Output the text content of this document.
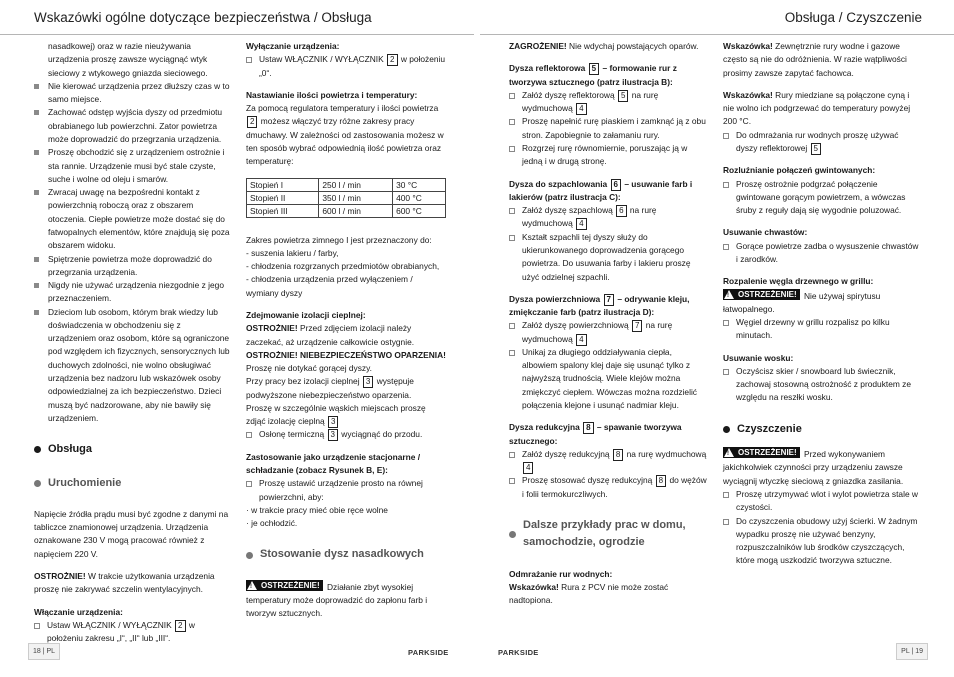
Wskazówki ogólne dotyczące bezpieczeństwa / Obsługa	Obsługa / Czyszczenie

nasadkowej) oraz w razie nieużywania urządzenia proszę zawsze wyciągnąć wtyk sieciowy z wtykowego gniazda sieciowego.

Nie kierować urządzenia przez dłuższy czas w to samo miejsce.

Zachować odstęp wyjścia dyszy od przedmiotu obrabianego lub powierzchni. Zator powietrza może doprowadzić do przegrzania urządzenia.

Proszę obchodzić się z urządzeniem ostrożnie i sta rannie. Urządzenie musi być stale czyste, suche i wolne od oleju i smarów.

Zwracaj uwagę na bezpośredni kontakt z powierzchnią roboczą oraz z obszarem otoczenia. Ciepłe powietrze może dostać się do fatwopalnych elementów, które znajdują się poza obszarem widoku.

Spiętrzenie powietrza może doprowadzić do przegrzania urządzenia.

Nigdy nie używać urządzenia niezgodnie z jego przeznaczeniem.

Dzieciom lub osobom, którym brak wiedzy lub doświadczenia w obchodzeniu się z urządzeniem oraz osobom, które są ograniczone pod względem ich fizycznych, sensorycznych lub duchowych zdolności, nie wolno obsługiwać urządzenia bez nadzoru lub wskazówek osoby odpowiedzialnej za ich bezpieczeństwo. Dzieci muszą być nadzorowane, aby nie bawiły się urządzeniem.

Obsługa
Uruchomienie

Napięcie źródła prądu musi być zgodne z danymi na tabliczce znamionowej urządzenia. Urządzenia oznakowane 230 V mogą pracować również z napięciem 220 V.

OSTROŻNIE! W trakcie użytkowania urządzenia proszę nie zakrywać szczelin wentylacyjnych.

Włączanie urządzenia:

Ustaw WŁĄCZNIK / WYŁĄCZNIK 2 w położeniu zakresu „I“, „II“ lub „III“.

Wyłączanie urządzenia:

Ustaw WŁĄCZNIK / WYŁĄCZNIK 2 w położeniu „0“.

Nastawianie ilości powietrza i temperatury:

Za pomocą regulatora temperatury i ilości powietrza 2 możesz włączyć trzy różne zakresy pracy dmuchawy. W zależności od zastosowania możesz w ten sposób wybrać odpowiednią ilość powietrza oraz temperaturę:

Stopień I	250 l / min	30 °C
Stopień II	350 l / min	400 °C
Stopień III	600 l / min	600 °C

Zakres powietrza zimnego I jest przeznaczony do:

- suszenia lakieru / farby,

- chłodzenia rozgrzanych przedmiotów obrabianych,

- chłodzenia urządzenia przed wyłączeniem /

wymiany dyszy

Zdejmowanie izolacji cieplnej:

OSTROŻNIE! Przed zdjęciem izolacji należy zaczekać, aż urządzenie całkowicie ostygnie.

OSTROŻNIE! NIEBEZPIECZEŃSTWO OPARZENIA! Proszę nie dotykać gorącej dyszy.

Przy pracy bez izolacji cieplnej 3 występuje podwyższone niebezpieczeństwo oparzenia.

Proszę w szczególnie wąskich miejscach proszę zdjąć izolację cieplną 3

Osłonę termiczną 3 wyciągnąć do przodu.

Zastosowanie jako urządzenie stacjonarne / schładzanie (zobacz Rysunek B, E):

Proszę ustawić urządzenie prosto na równej powierzchni, aby:

· w trakcie pracy mieć obie ręce wolne

· je ochłodzić.

Stosowanie dysz nasadkowych

!
OSTRZEŻENIE! Działanie zbyt wysokiej temperatury może doprowadzić do zapłonu farb i tworzyw sztucznych.

ZAGROŻENIE! Nie wdychaj powstających oparów.

Dysza reflektorowa 5 – formowanie rur z tworzywa sztucznego (patrz ilustracja B):

Załóż dyszę reflektorową 5 na rurę wydmuchową 4

Proszę napełnić rurę piaskiem i zamknąć ją z obu stron. Zapobiegnie to załamaniu rury.

Rozgrzej rurę równomiernie, poruszając ją w jedną i w drugą stronę.

Dysza do szpachlowania 6 – usuwanie farb i lakierów (patrz ilustracja C):

Załóż dyszę szpachlową 6 na rurę wydmuchową 4

Kształt szpachli tej dyszy służy do ukierunkowanego doprowadzenia gorącego powietrza. Do usuwania farby i lakieru proszę użyć odzielnej szpachli.

Dysza powierzchniowa 7 – odrywanie kleju, zmiękczanie farb (patrz ilustracja D):

Załóż dyszę powierzchniową 7 na rurę wydmuchową 4

Unikaj za długiego oddziaływania ciepła, albowiem spalony klej daje się usunąć tylko z najwyższą trudnością. Wiele klejów można zmiękczyć ciepłem. Wówczas można rozdzielić połączenia klejone i usunąć nadmiar kleju.

Dysza redukcyjna 8 – spawanie tworzywa sztucznego:

Załóż dyszę redukcyjną 8 na rurę wydmuchową 4

Proszę stosować dyszę redukcyjną 8 do wężów i folii termokurczliwych.

Dalsze przykłady prac w domu, samochodzie, ogrodzie

Odmrażanie rur wodnych:

Wskazówka! Rura z PCV nie może zostać nadtopiona.

Wskazówka! Zewnętrznie rury wodne i gazowe często są nie do odróżnienia. W razie wątpliwości prosimy zawsze zapytać fachowca.

Wskazówka! Rury miedziane są połączone cyną i nie wolno ich podgrzewać do temperatury powyżej 200 °C.

Do odmrażania rur wodnych proszę używać dyszy reflektorowej 5

Rozluźnianie połączeń gwintowanych:

Proszę ostrożnie podgrzać połączenie gwintowane gorącym powietrzem, a wówczas śruby z reguły dają się wygodnie poluzować.

Usuwanie chwastów:

Gorące powietrze zadba o wysuszenie chwastów i zarodków.

Rozpalenie węgla drzewnego w grillu:

!
OSTRZEŻENIE! Nie używaj spirytusu łatwopalnego.

Węgiel drzewny w grillu rozpalisz po kilku minutach.

Usuwanie wosku:

Oczyścisz skier / snowboard lub świecznik, zachowaj stosowną ostrożność z produktem ze względu na reszłki wosku.

Czyszczenie

!
OSTRZEŻENIE! Przed wykonywaniem jakichkolwiek czynności przy urządzeniu zawsze wyciągnij wtyczkę sieciową z gniazdka zasilania.

Proszę utrzymywać wlot i wylot powietrza stale w czystości.

Do czyszczenia obudowy użyj ścierki. W żadnym wypadku proszę nie używać benzyny, rozpuszczalników lub środków czyszczących, które mogą uszkodzić tworzywa sztuczne.

18 | PL	PARKSIDE	PARKSIDE	PL | 19
